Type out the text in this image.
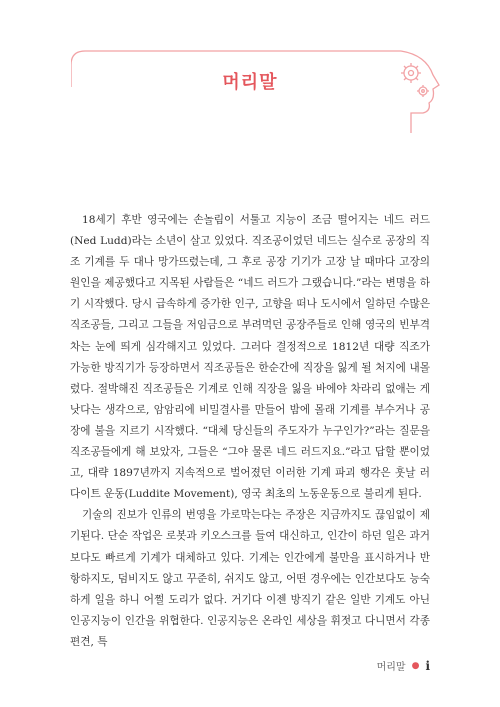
머리말

18세기 후반 영국에는 손놀림이 서툴고 지능이 조금 떨어지는 네드 러드(Ned Ludd)라는 소년이 살고 있었다. 직조공이었던 네드는 실수로 공장의 직조 기계를 두 대나 망가뜨렸는데, 그 후로 공장 기기가 고장 날 때마다 고장의 원인을 제공했다고 지목된 사람들은 “네드 러드가 그랬습니다.”라는 변명을 하기 시작했다. 당시 급속하게 증가한 인구, 고향을 떠나 도시에서 일하던 수많은 직조공들, 그리고 그들을 저임금으로 부려먹던 공장주들로 인해 영국의 빈부격차는 눈에 띄게 심각해지고 있었다. 그러다 결정적으로 1812년 대량 직조가 가능한 방직기가 등장하면서 직조공들은 한순간에 직장을 잃게 될 처지에 내몰렸다. 절박해진 직조공들은 기계로 인해 직장을 잃을 바에야 차라리 없애는 게 낫다는 생각으로, 암암리에 비밀결사를 만들어 밤에 몰래 기계를 부수거나 공장에 불을 지르기 시작했다. “대체 당신들의 주도자가 누구인가?”라는 질문을 직조공들에게 해 보았자, 그들은 “그야 물론 네드 러드지요.”라고 답할 뿐이었고, 대략 1897년까지 지속적으로 벌어졌던 이러한 기계 파괴 행각은 훗날 러다이트 운동(Luddite Movement), 영국 최초의 노동운동으로 불리게 된다.

기술의 진보가 인류의 번영을 가로막는다는 주장은 지금까지도 끊임없이 제기된다. 단순 작업은 로봇과 키오스크를 들여 대신하고, 인간이 하던 일은 과거보다도 빠르게 기계가 대체하고 있다. 기계는 인간에게 불만을 표시하거나 반항하지도, 덤비지도 않고 꾸준히, 쉬지도 않고, 어떤 경우에는 인간보다도 능숙하게 일을 하니 어쩔 도리가 없다. 거기다 이젠 방직기 같은 일반 기계도 아닌 인공지능이 인간을 위협한다. 인공지능은 온라인 세상을 휘젓고 다니면서 각종 편견, 특

머리말 ● i
